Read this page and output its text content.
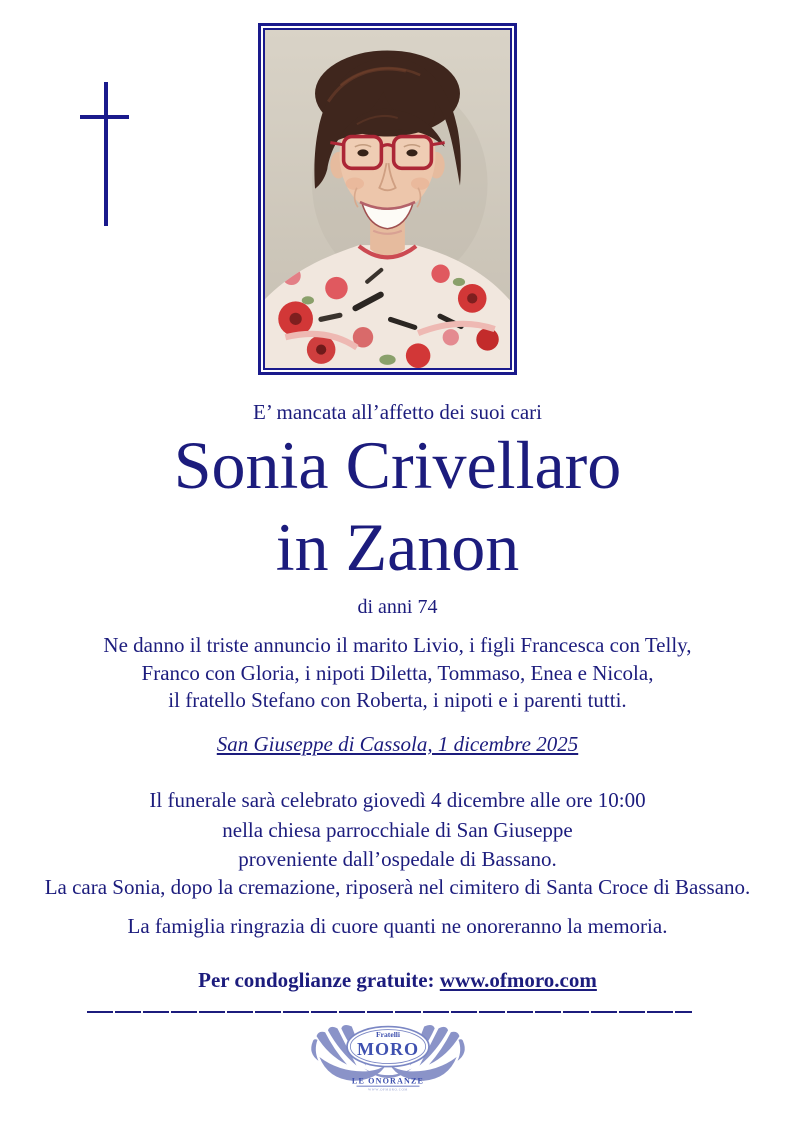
E’ mancata all’affetto dei suoi cari
Sonia Crivellaro
in Zanon
di anni 74
Ne danno il triste annuncio il marito Livio, i figli Francesca con Telly,
Franco con Gloria, i nipoti Diletta, Tommaso, Enea e Nicola,
il fratello Stefano con Roberta, i nipoti e i parenti tutti.
San Giuseppe di Cassola, 1 dicembre 2025
Il funerale sarà celebrato giovedì 4 dicembre alle ore 10:00
nella chiesa parrocchiale di San Giuseppe
proveniente dall’ospedale di Bassano.
La cara Sonia, dopo la cremazione, riposerà nel cimitero di Santa Croce di Bassano.
La famiglia ringrazia di cuore quanti ne onoreranno la memoria.
Per condoglianze gratuite: www.ofmoro.com
Fratelli
MORO
LE ONORANZE
WWW.OFMORO.COM
